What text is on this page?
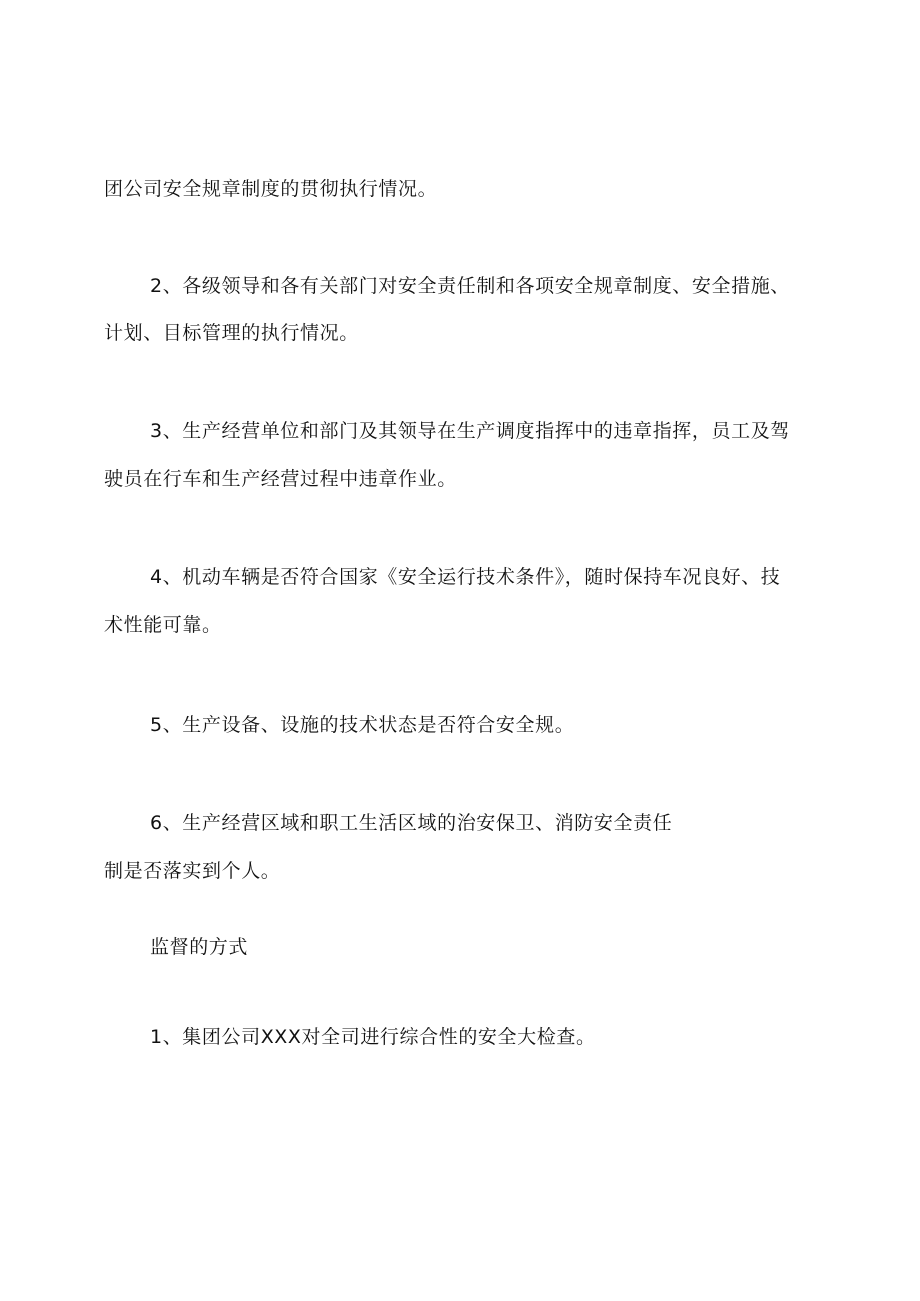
团公司安全规章制度的贯彻执行情况。

2、各级领导和各有关部门对安全责任制和各项安全规章制度、安全措施、

计划、目标管理的执行情况。

3、生产经营单位和部门及其领导在生产调度指挥中的违章指挥，员工及驾

驶员在行车和生产经营过程中违章作业。

4、机动车辆是否符合国家《安全运行技术条件》，随时保持车况良好、技

术性能可靠。

5、生产设备、设施的技术状态是否符合安全规。

6、生产经营区域和职工生活区域的治安保卫、消防安全责任

制是否落实到个人。

监督的方式

1、集团公司XXX对全司进行综合性的安全大检查。
